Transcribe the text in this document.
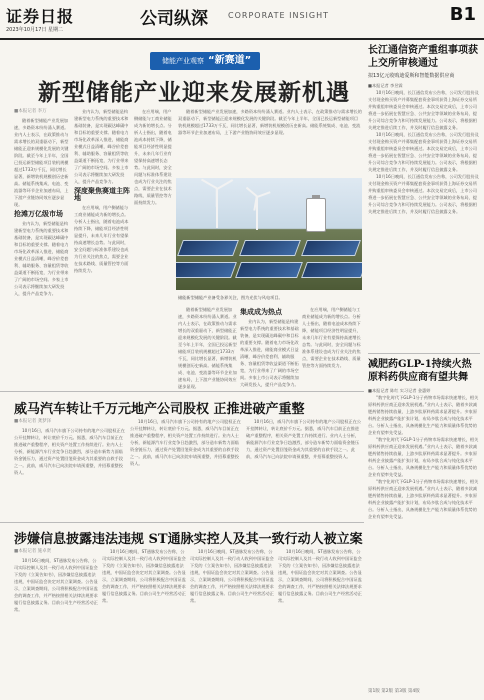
证券日报
2023年10月17日 星期二
公司纵深	CORPORATE INSIGHT	B1
储能产业观察 “新赛道”
新型储能产业迎来发展新机遇
■本报记者 李万

随着新型储能产业发展加速，多路资本纷纷涌入赛道。业内人士表示，在政策推动与需求增长的双重驱动下，新型储能正迎来规模化发展的关键阶段。截至今年上半年，全国已投运新型储能项目装机规模超过1733万千瓦，同比增长显著，新增装机规模创历史新高。储能系统集成、电池、变流器等环节企业加速布局，上下游产业链协同效应逐步显现。

抢滩万亿级市场

业内认为，新型储能是构建新型电力系统的重要技术和基础装备，是实现碳达峰碳中和目标的重要支撑。随着电力市场化改革深入推进，储能商业模式日益清晰，峰谷价差套利、辅助服务、容量租赁等收益渠道不断拓宽，为行业带来了广阔的市场空间。多家上市公司表示将继续加大研发投入，提升产品竞争力。

业内认为，新型储能是构建新型电力系统的重要技术和基础装备，是实现碳达峰碳中和目标的重要支撑。随着电力市场化改革深入推进，储能商业模式日益清晰，峰谷价差套利、辅助服务、容量租赁等收益渠道不断拓宽，为行业带来了广阔的市场空间。多家上市公司表示将继续加大研发投入，提升产品竞争力。

深度聚焦赛道主阵地

在应用端，用户侧储能与工商业储能成为新的增长点。分析人士指出，随着电池成本持续下降，储能项目经济性明显提升，未来几年行业有望保持高速增长态势。与此同时，安全问题与标准体系建设也成为行业关注的焦点，需要企业在技术路线、质量管控等方面持续发力。

在应用端，用户侧储能与工商业储能成为新的增长点。分析人士指出，随着电池成本持续下降，储能项目经济性明显提升，未来几年行业有望保持高速增长态势。与此同时，安全问题与标准体系建设也成为行业关注的焦点，需要企业在技术路线、质量管控等方面持续发力。

随着新型储能产业发展加速，多路资本纷纷涌入赛道。业内人士表示，在政策推动与需求增长的双重驱动下，新型储能正迎来规模化发展的关键阶段。截至今年上半年，全国已投运新型储能项目装机规模超过1733万千瓦，同比增长显著，新增装机规模创历史新高。储能系统集成、电池、变流器等环节企业加速布局，上下游产业链协同效应逐步显现。

储能新型储能产业备受各界关注，图为光伏与风电项目。

随着新型储能产业发展加速，多路资本纷纷涌入赛道。业内人士表示，在政策推动与需求增长的双重驱动下，新型储能正迎来规模化发展的关键阶段。截至今年上半年，全国已投运新型储能项目装机规模超过1733万千瓦，同比增长显著，新增装机规模创历史新高。储能系统集成、电池、变流器等环节企业加速布局，上下游产业链协同效应逐步显现。

集成成为热点

业内认为，新型储能是构建新型电力系统的重要技术和基础装备，是实现碳达峰碳中和目标的重要支撑。随着电力市场化改革深入推进，储能商业模式日益清晰，峰谷价差套利、辅助服务、容量租赁等收益渠道不断拓宽，为行业带来了广阔的市场空间。多家上市公司表示将继续加大研发投入，提升产品竞争力。

在应用端，用户侧储能与工商业储能成为新的增长点。分析人士指出，随着电池成本持续下降，储能项目经济性明显提升，未来几年行业有望保持高速增长态势。与此同时，安全问题与标准体系建设也成为行业关注的焦点，需要企业在技术路线、质量管控等方面持续发力。

长江通信资产重组事项获上交所审核通过
拟13亿元收购迪爱斯和智能数据供应商
■本报记者 李昱霖

10月16日晚间，长江通信发布公告称，公司发行股份及支付现金购买资产并募集配套资金事项获得上海证券交易所并购重组审核委员会审核通过。本次交易完成后，上市公司将进一步拓展在智慧应急、公共安全等领域的业务布局，提升公司综合竞争力和可持续发展能力。公司表示，将根据相关规定推进后续工作，并及时履行信息披露义务。

10月16日晚间，长江通信发布公告称，公司发行股份及支付现金购买资产并募集配套资金事项获得上海证券交易所并购重组审核委员会审核通过。本次交易完成后，上市公司将进一步拓展在智慧应急、公共安全等领域的业务布局，提升公司综合竞争力和可持续发展能力。公司表示，将根据相关规定推进后续工作，并及时履行信息披露义务。

10月16日晚间，长江通信发布公告称，公司发行股份及支付现金购买资产并募集配套资金事项获得上海证券交易所并购重组审核委员会审核通过。本次交易完成后，上市公司将进一步拓展在智慧应急、公共安全等领域的业务布局，提升公司综合竞争力和可持续发展能力。公司表示，将根据相关规定推进后续工作，并及时履行信息披露义务。

减肥药GLP-1持续火热原料药供应商有望共舞
■本报记者 陈红 实习记者 金惠婷

“数字化时代下GLP-1分子药物市场需求快速增长，相关原料药供应商正迎来发展机遇。”业内人士表示，随着多款减肥药销售持续放量，上游多肽原料药需求显著提升。多家原料药企业披露产能扩张计划，布局多肽合成与纯化技术平台。分析人士指出，具备规模化生产能力和质量体系优势的企业有望率先受益。

“数字化时代下GLP-1分子药物市场需求快速增长，相关原料药供应商正迎来发展机遇。”业内人士表示，随着多款减肥药销售持续放量，上游多肽原料药需求显著提升。多家原料药企业披露产能扩张计划，布局多肽合成与纯化技术平台。分析人士指出，具备规模化生产能力和质量体系优势的企业有望率先受益。

“数字化时代下GLP-1分子药物市场需求快速增长，相关原料药供应商正迎来发展机遇。”业内人士表示，随着多款减肥药销售持续放量，上游多肽原料药需求显著提升。多家原料药企业披露产能扩张计划，布局多肽合成与纯化技术平台。分析人士指出，具备规模化生产能力和质量体系优势的企业有望率先受益。

第1版 第2版 第3版 第4版
威马汽车转让千万元地产公司股权 正推进破产重整
■本报记者 龚梦泽

10月16日，威马汽车旗下公司持有的地产公司股权正在公开挂牌转让，转让底价千万元。据悉，威马汽车目前正在推进破产重整程序，相关资产处置工作持续进行。业内人士分析，新能源汽车行业竞争日趋激烈，部分造车新势力面临资金链压力，通过资产处置回笼资金成为其重要的自救手段之一。此前，威马汽车已向法院申请预重整，并招募重整投资人。

10月16日，威马汽车旗下公司持有的地产公司股权正在公开挂牌转让，转让底价千万元。据悉，威马汽车目前正在推进破产重整程序，相关资产处置工作持续进行。业内人士分析，新能源汽车行业竞争日趋激烈，部分造车新势力面临资金链压力，通过资产处置回笼资金成为其重要的自救手段之一。此前，威马汽车已向法院申请预重整，并招募重整投资人。

10月16日，威马汽车旗下公司持有的地产公司股权正在公开挂牌转让，转让底价千万元。据悉，威马汽车目前正在推进破产重整程序，相关资产处置工作持续进行。业内人士分析，新能源汽车行业竞争日趋激烈，部分造车新势力面临资金链压力，通过资产处置回笼资金成为其重要的自救手段之一。此前，威马汽车已向法院申请预重整，并招募重整投资人。

涉嫌信息披露违法违规 ST通脉实控人及其一致行动人被立案
■本报记者 施卓贤

10月16日晚间，ST通脉发布公告称，公司实际控制人及其一致行动人收到中国证监会下发的《立案告知书》，因涉嫌信息披露违法违规，中国证监会决定对其立案调查。公告显示，立案调查期间，公司将积极配合中国证监会的调查工作，并严格按照相关法律法规要求履行信息披露义务。目前公司生产经营活动正常。

10月16日晚间，ST通脉发布公告称，公司实际控制人及其一致行动人收到中国证监会下发的《立案告知书》，因涉嫌信息披露违法违规，中国证监会决定对其立案调查。公告显示，立案调查期间，公司将积极配合中国证监会的调查工作，并严格按照相关法律法规要求履行信息披露义务。目前公司生产经营活动正常。

10月16日晚间，ST通脉发布公告称，公司实际控制人及其一致行动人收到中国证监会下发的《立案告知书》，因涉嫌信息披露违法违规，中国证监会决定对其立案调查。公告显示，立案调查期间，公司将积极配合中国证监会的调查工作，并严格按照相关法律法规要求履行信息披露义务。目前公司生产经营活动正常。

10月16日晚间，ST通脉发布公告称，公司实际控制人及其一致行动人收到中国证监会下发的《立案告知书》，因涉嫌信息披露违法违规，中国证监会决定对其立案调查。公告显示，立案调查期间，公司将积极配合中国证监会的调查工作，并严格按照相关法律法规要求履行信息披露义务。目前公司生产经营活动正常。
